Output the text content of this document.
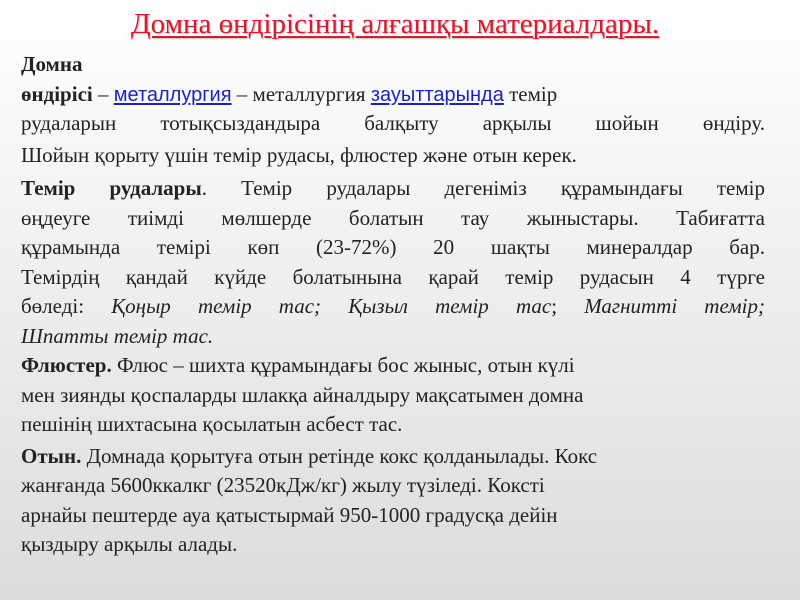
Домна өндірісінің алғашқы материалдары.
Домна
өндірісі – металлургия – металлургия зауыттарында темір
рудаларын тотықсыздандыра балқыту арқылы шойын өндіру.
Шойын қорыту үшін темір рудасы, флюстер және отын керек.
Темір рудалары. Темір рудалары дегеніміз құрамындағы темір
өңдеуге тиімді мөлшерде болатын тау жыныстары. Табиғатта
құрамында темірі көп (23-72%) 20 шақты минералдар бар.
Темірдің қандай күйде болатынына қарай темір рудасын 4 түрге
бөледі: Қоңыр темір тас; Қызыл темір тас; Магнитті темір;
Шпатты темір тас.
Флюстер. Флюс – шихта құрамындағы бос жыныс, отын күлі
мен зиянды қоспаларды шлакқа айналдыру мақсатымен домна
пешінің шихтасына қосылатын асбест тас.
Отын. Домнада қорытуға отын ретінде кокс қолданылады. Кокс
жанғанда 5600ккалкг (23520кДж/кг) жылу түзіледі. Коксті
арнайы пештерде ауа қатыстырмай 950-1000 градусқа дейін
қыздыру арқылы алады.
